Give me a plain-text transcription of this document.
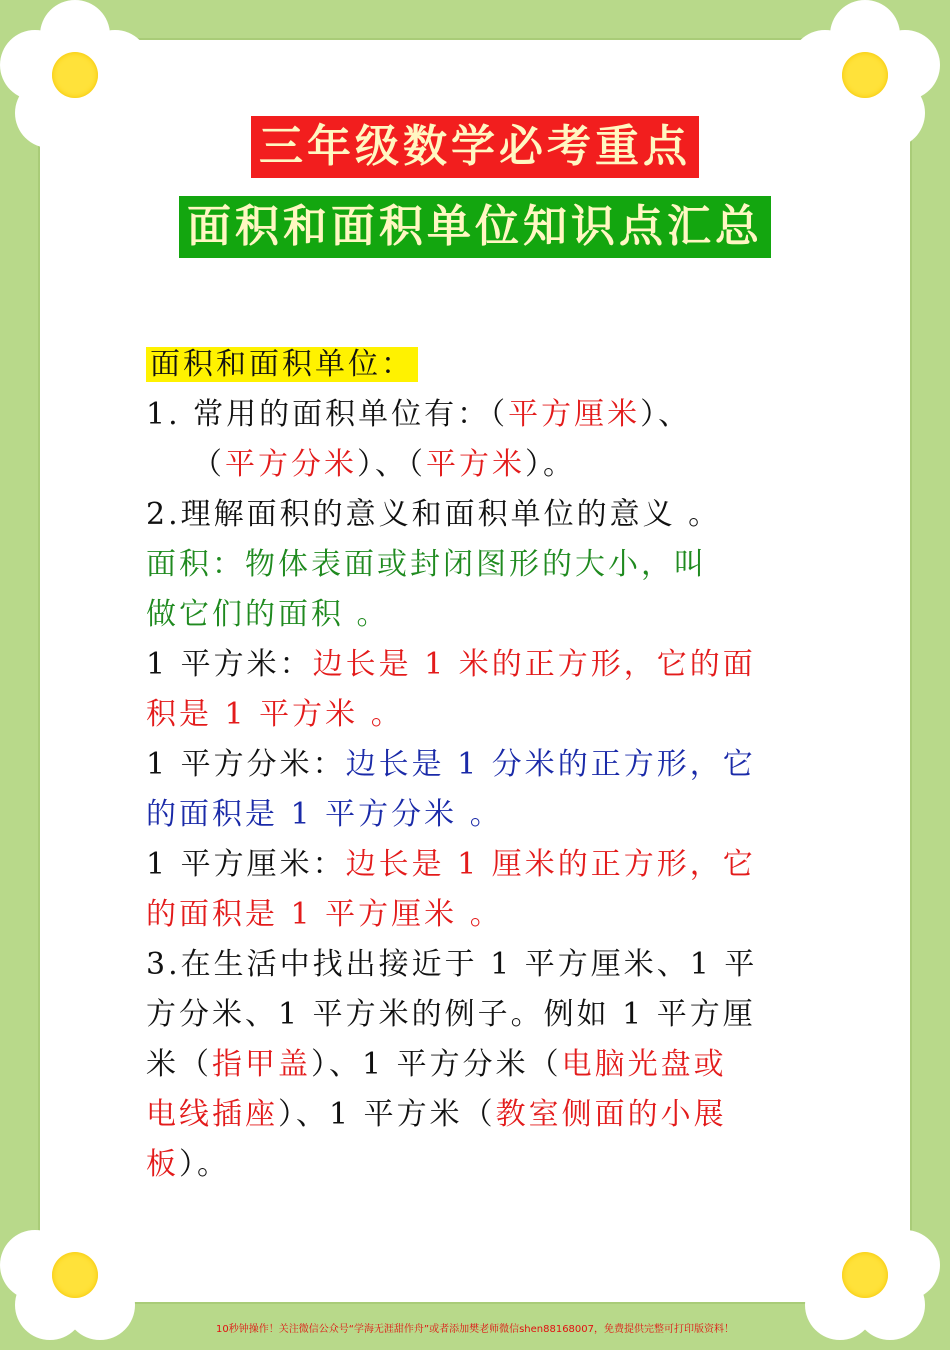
三年级数学必考重点
面积和面积单位知识点汇总
面积和面积单位：
1. 常用的面积单位有：（平方厘米）、
（平方分米）、（平方米）。
2.理解面积的意义和面积单位的意义 。
面积：物体表面或封闭图形的大小，叫
做它们的面积 。
1 平方米：边长是 1 米的正方形，它的面
积是 1 平方米 。
1 平方分米：边长是 1 分米的正方形，它
的面积是 1 平方分米 。
1 平方厘米：边长是 1 厘米的正方形，它
的面积是 1 平方厘米 。
3.在生活中找出接近于 1 平方厘米、1 平
方分米、1 平方米的例子。例如 1 平方厘
米（指甲盖）、1 平方分米（电脑光盘或
电线插座）、1 平方米（教室侧面的小展
板）。
10秒钟操作！关注微信公众号“学海无涯甜作舟”或者添加樊老师微信shen88168007，免费提供完整可打印版资料！
